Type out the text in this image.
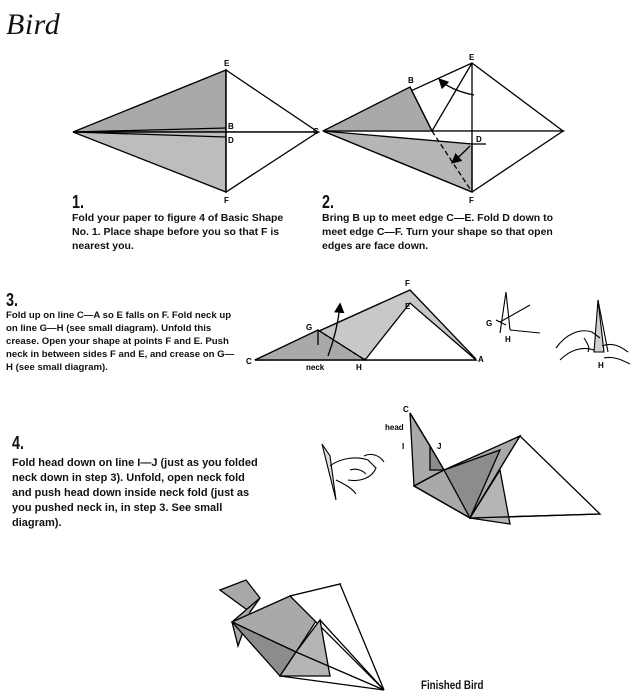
Bird
1.
Fold your paper to figure 4 of Basic Shape No. 1. Place shape before you so that F is nearest you.
2.
Bring B up to meet edge C—E. Fold D down to meet edge C—F. Turn your shape so that open edges are face down.
3.
Fold up on line C—A so E falls on F. Fold neck up on line G—H (see small diagram). Unfold this crease. Open your shape at points F and E. Push neck in between sides F and E, and crease on G—H (see small diagram).
4.
Fold head down on line I—J (just as you folded neck down in step 3). Unfold, open neck fold and push head down inside neck fold (just as you pushed neck in, in step 3. See small diagram).
Finished Bird
E
B
D
F
B
E
C
D
F
F
E
G
C
neck	H
A
G
H
H
C
head
I	J
